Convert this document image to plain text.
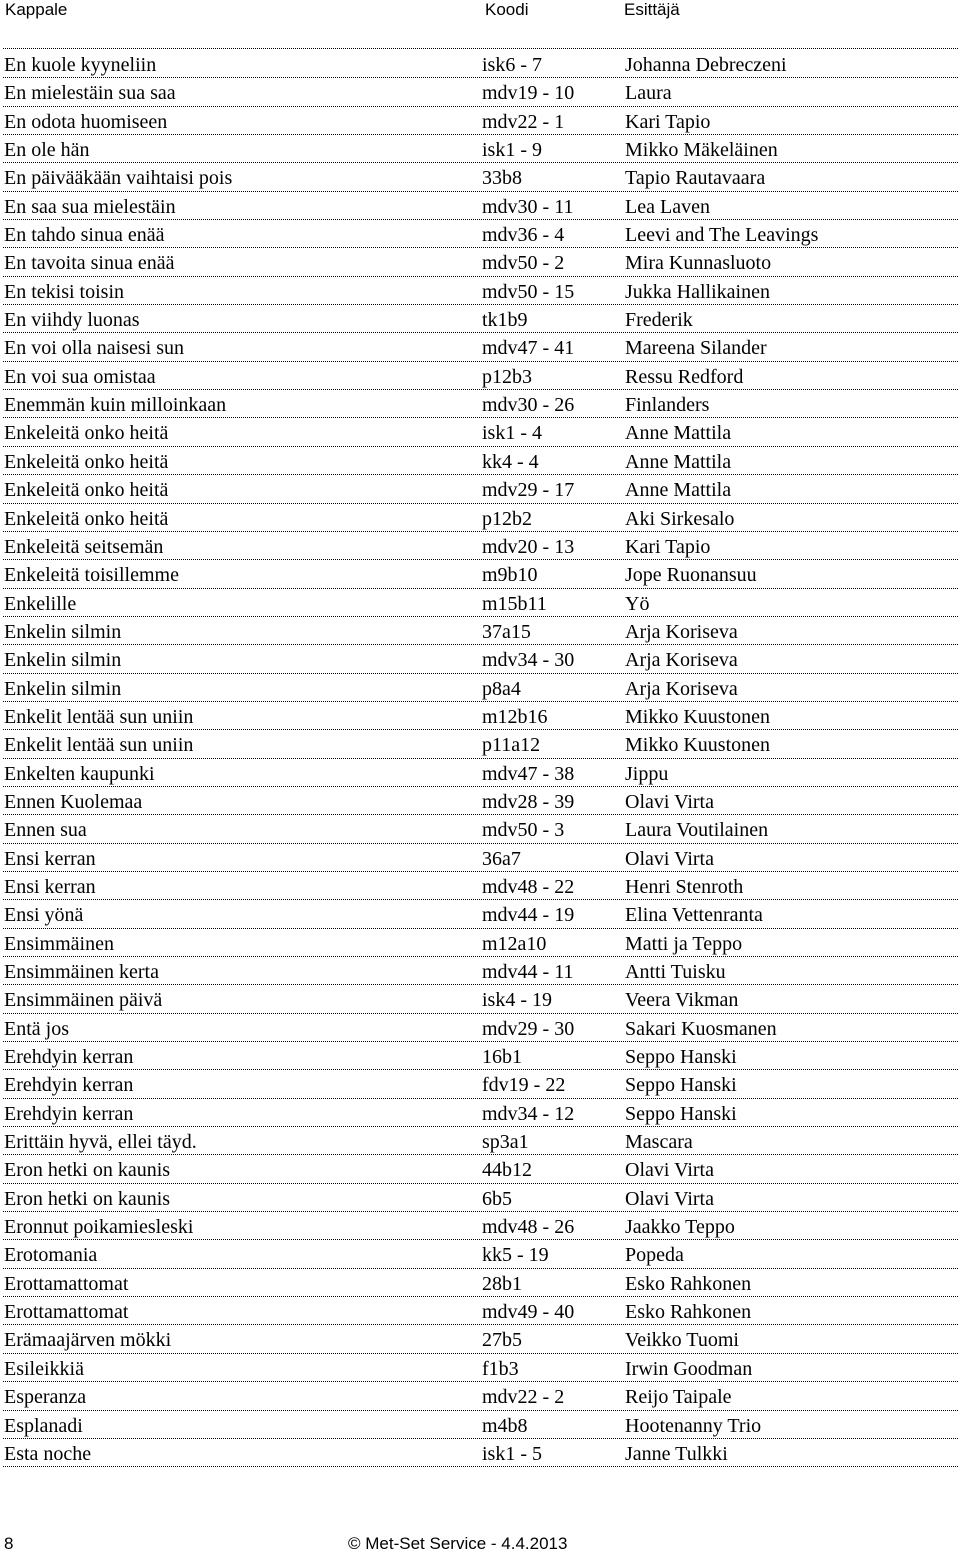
Kappale	Koodi	Esittäjä
En kuole kyyneliin	isk6 - 7	Johanna Debreczeni
En mielestäin sua saa	mdv19 - 10	Laura
En odota huomiseen	mdv22 - 1	Kari Tapio
En ole hän	isk1 - 9	Mikko Mäkeläinen
En päivääkään vaihtaisi pois	33b8	Tapio Rautavaara
En saa sua mielestäin	mdv30 - 11	Lea Laven
En tahdo sinua enää	mdv36 - 4	Leevi and The Leavings
En tavoita sinua enää	mdv50 - 2	Mira Kunnasluoto
En tekisi toisin	mdv50 - 15	Jukka Hallikainen
En viihdy luonas	tk1b9	Frederik
En voi olla naisesi sun	mdv47 - 41	Mareena Silander
En voi sua omistaa	p12b3	Ressu Redford
Enemmän kuin milloinkaan	mdv30 - 26	Finlanders
Enkeleitä onko heitä	isk1 - 4	Anne Mattila
Enkeleitä onko heitä	kk4 - 4	Anne Mattila
Enkeleitä onko heitä	mdv29 - 17	Anne Mattila
Enkeleitä onko heitä	p12b2	Aki Sirkesalo
Enkeleitä seitsemän	mdv20 - 13	Kari Tapio
Enkeleitä toisillemme	m9b10	Jope Ruonansuu
Enkelille	m15b11	Yö
Enkelin silmin	37a15	Arja Koriseva
Enkelin silmin	mdv34 - 30	Arja Koriseva
Enkelin silmin	p8a4	Arja Koriseva
Enkelit lentää sun uniin	m12b16	Mikko Kuustonen
Enkelit lentää sun uniin	p11a12	Mikko Kuustonen
Enkelten kaupunki	mdv47 - 38	Jippu
Ennen Kuolemaa	mdv28 - 39	Olavi Virta
Ennen sua	mdv50 - 3	Laura Voutilainen
Ensi kerran	36a7	Olavi Virta
Ensi kerran	mdv48 - 22	Henri Stenroth
Ensi yönä	mdv44 - 19	Elina Vettenranta
Ensimmäinen	m12a10	Matti ja Teppo
Ensimmäinen kerta	mdv44 - 11	Antti Tuisku
Ensimmäinen päivä	isk4 - 19	Veera Vikman
Entä jos	mdv29 - 30	Sakari Kuosmanen
Erehdyin kerran	16b1	Seppo Hanski
Erehdyin kerran	fdv19 - 22	Seppo Hanski
Erehdyin kerran	mdv34 - 12	Seppo Hanski
Erittäin hyvä, ellei täyd.	sp3a1	Mascara
Eron hetki on kaunis	44b12	Olavi Virta
Eron hetki on kaunis	6b5	Olavi Virta
Eronnut poikamiesleski	mdv48 - 26	Jaakko Teppo
Erotomania	kk5 - 19	Popeda
Erottamattomat	28b1	Esko Rahkonen
Erottamattomat	mdv49 - 40	Esko Rahkonen
Erämaajärven mökki	27b5	Veikko Tuomi
Esileikkiä	f1b3	Irwin Goodman
Esperanza	mdv22 - 2	Reijo Taipale
Esplanadi	m4b8	Hootenanny Trio
Esta noche	isk1 - 5	Janne Tulkki
8	© Met-Set Service - 4.4.2013
